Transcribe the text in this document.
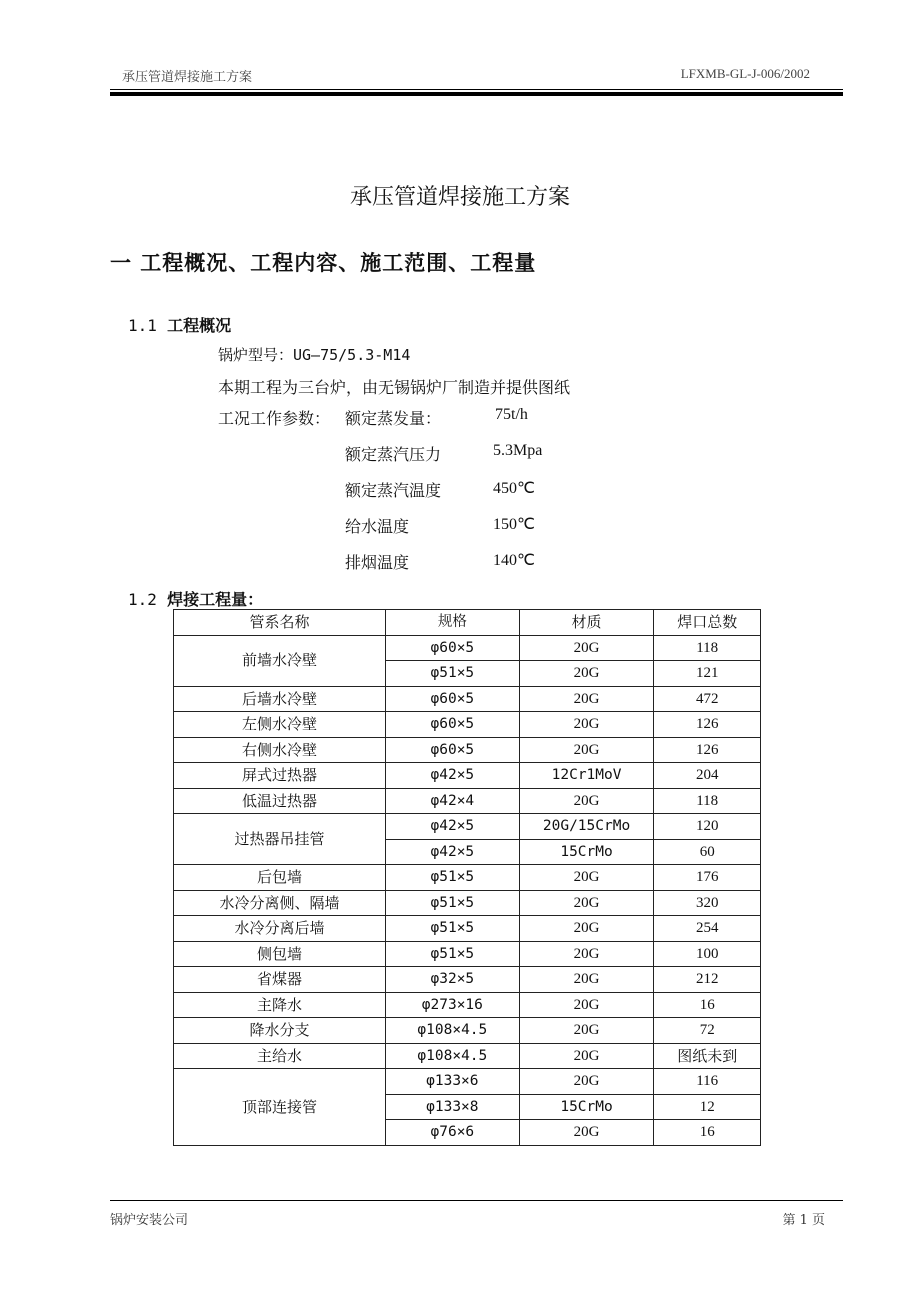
承压管道焊接施工方案	LFXMB-GL-J-006/2002
承压管道焊接施工方案
一 工程概况、工程内容、施工范围、工程量
1.1 工程概况
锅炉型号：UG—75/5.3-M14
本期工程为三台炉，由无锡锅炉厂制造并提供图纸
工况工作参数： 额定蒸发量：	75t/h
额定蒸汽压力	5.3Mpa
额定蒸汽温度	450℃
给水温度	150℃
排烟温度	140℃
1.2 焊接工程量：
管系名称	规格	材质	焊口总数
前墙水冷壁	φ60×5	20G	118
	φ51×5	20G	121
后墙水冷壁	φ60×5	20G	472
左侧水冷壁	φ60×5	20G	126
右侧水冷壁	φ60×5	20G	126
屏式过热器	φ42×5	12Cr1MoV	204
低温过热器	φ42×4	20G	118
过热器吊挂管	φ42×5	20G/15CrMo	120
	φ42×5	15CrMo	60
后包墙	φ51×5	20G	176
水冷分离侧、隔墙	φ51×5	20G	320
水冷分离后墙	φ51×5	20G	254
侧包墙	φ51×5	20G	100
省煤器	φ32×5	20G	212
主降水	φ273×16	20G	16
降水分支	φ108×4.5	20G	72
主给水	φ108×4.5	20G	图纸未到
顶部连接管	φ133×6	20G	116
	φ133×8	15CrMo	12
	φ76×6	20G	16
锅炉安装公司	第 1 页
